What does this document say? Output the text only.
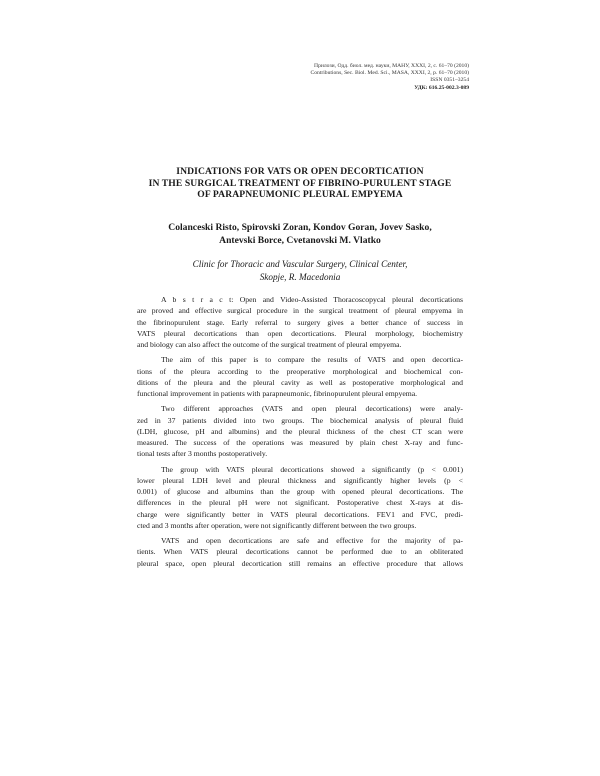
Прилози, Одд. биол. мед. науки, МАНУ, XXXI, 2, с. 61–70 (2010)
Contributions, Sec. Biol. Med. Sci., MASA, XXXI, 2, p. 61–70 (2010)
ISSN 0351–3254
УДК: 616.25-002.3-089
INDICATIONS FOR VATS OR OPEN DECORTICATION
IN THE SURGICAL TREATMENT OF FIBRINO-PURULENT STAGE
OF PARAPNEUMONIC PLEURAL EMPYEMA
Colanceski Risto, Spirovski Zoran, Kondov Goran, Jovev Sasko,
Antevski Borce, Cvetanovski M. Vlatko
Clinic for Thoracic and Vascular Surgery, Clinical Center,
Skopje, R. Macedonia

A b s t r a c t: Open and Video-Assisted Thoracoscopycal pleural decortications
are proved and effective surgical procedure in the surgical treatment of pleural empyema in
the fibrinopurulent stage. Early referral to surgery gives a better chance of success in
VATS pleural decortications than open decortications. Pleural morphology, biochemistry
and biology can also affect the outcome of the surgical treatment of pleural empyema.

The aim of this paper is to compare the results of VATS and open decortica-
tions of the pleura according to the preoperative morphological and biochemical con-
ditions of the pleura and the pleural cavity as well as postoperative morphological and
functional improvement in patients with parapneumonic, fibrinopurulent pleural empyema.

Two different approaches (VATS and open pleural decortications) were analy-
zed in 37 patients divided into two groups. The biochemical analysis of pleural fluid
(LDH, glucose, pH and albumins) and the pleural thickness of the chest CT scan were
measured. The success of the operations was measured by plain chest X-ray and func-
tional tests after 3 months postoperatively.

The group with VATS pleural decortications showed a significantly (p < 0.001)
lower pleural LDH level and pleural thickness and significantly higher levels (p <
0.001) of glucose and albumins than the group with opened pleural decortications. The
differences in the pleural pH were not significant. Postoperative chest X-rays at dis-
charge were significantly better in VATS pleural decortications. FEV1 and FVC, predi-
cted and 3 months after operation, were not significantly different between the two groups.

VATS and open decortications are safe and effective for the majority of pa-
tients. When VATS pleural decortications cannot be performed due to an obliterated
pleural space, open pleural decortication still remains an effective procedure that allows
